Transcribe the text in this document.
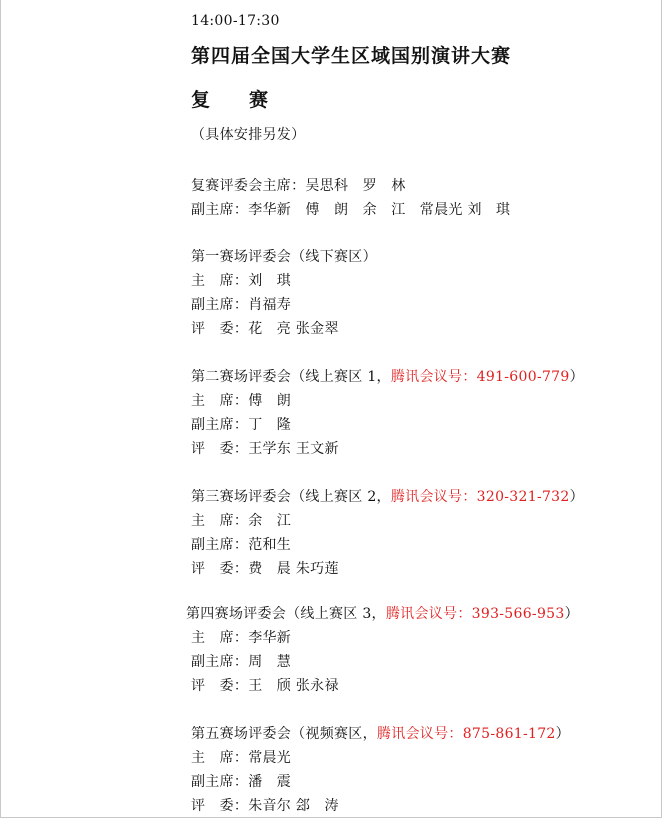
14:00-17:30
第四届全国大学生区域国别演讲大赛
复　赛
（具体安排另发）
复赛评委会主席：吴思科　罗　林
副主席：李华新　傅　朗　余　江　常晨光 刘　琪
第一赛场评委会（线下赛区）
主　席：刘　琪
副主席：肖福寿
评　委：花　亮 张金翠
第二赛场评委会（线上赛区 1，腾讯会议号：491-600-779）
主　席：傅　朗
副主席：丁　隆
评　委：王学东 王文新
第三赛场评委会（线上赛区 2，腾讯会议号：320-321-732）
主　席：余　江
副主席：范和生
评　委：费　晨 朱巧莲
第四赛场评委会（线上赛区 3，腾讯会议号：393-566-953）
主　席：李华新
副主席：周　慧
评　委：王　颀 张永禄
第五赛场评委会（视频赛区，腾讯会议号：875-861-172）
主　席：常晨光
副主席：潘　震
评　委：朱音尔 郐　涛
